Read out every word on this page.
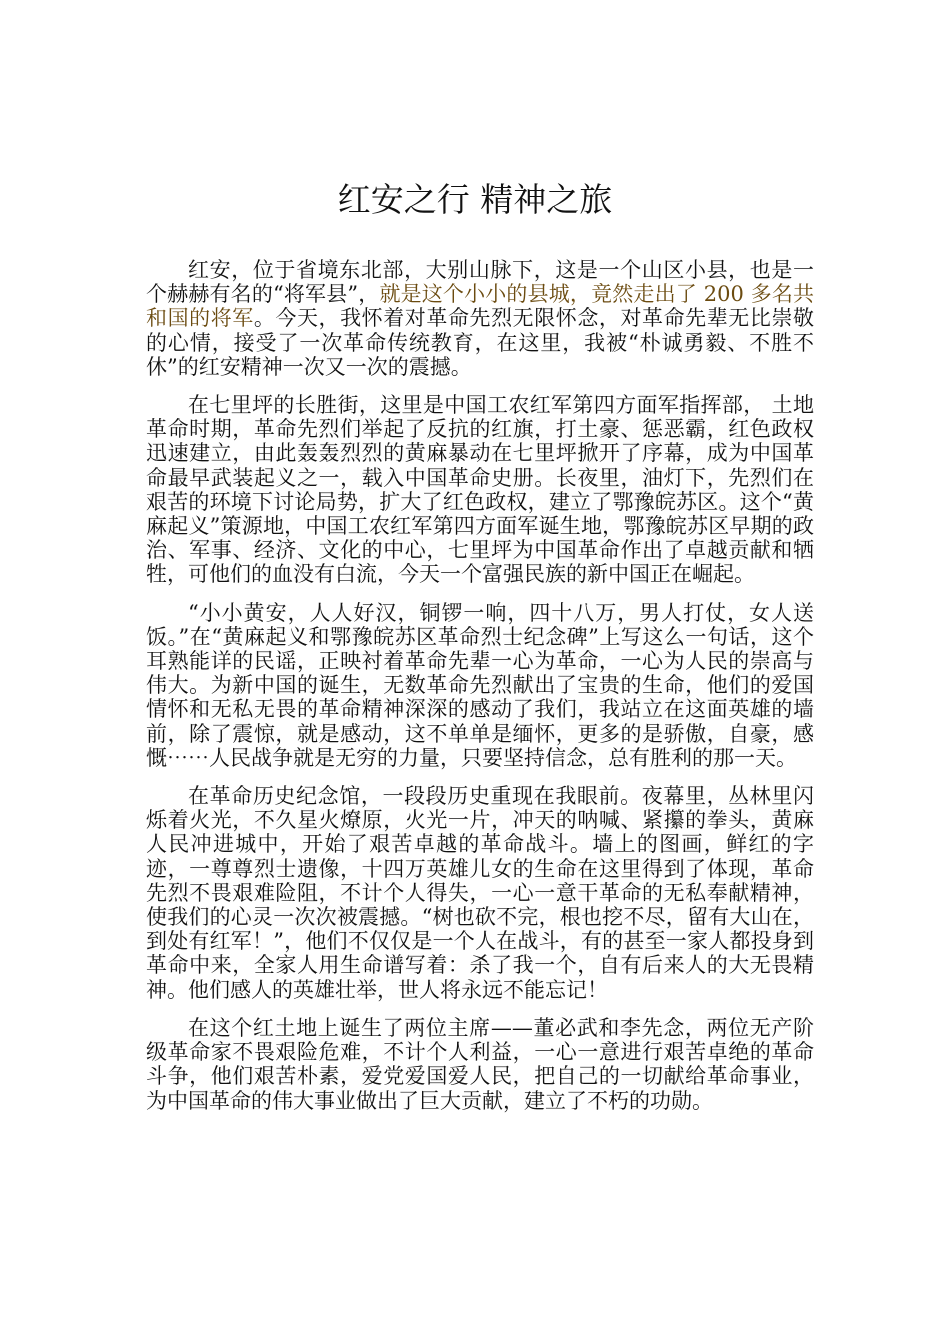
红安之行 精神之旅

红安，位于省境东北部，大别山脉下，这是一个山区小县，也是一个赫赫有名的“将军县”，就是这个小小的县城，竟然走出了 200 多名共和国的将军。今天，我怀着对革命先烈无限怀念，对革命先辈无比崇敬的心情，接受了一次革命传统教育，在这里，我被“朴诚勇毅、不胜不休”的红安精神一次又一次的震撼。

在七里坪的长胜街，这里是中国工农红军第四方面军指挥部， 土地革命时期，革命先烈们举起了反抗的红旗，打土豪、惩恶霸，红色政权迅速建立，由此轰轰烈烈的黄麻暴动在七里坪掀开了序幕，成为中国革命最早武装起义之一，载入中国革命史册。长夜里，油灯下，先烈们在艰苦的环境下讨论局势，扩大了红色政权，建立了鄂豫皖苏区。这个“黄麻起义”策源地，中国工农红军第四方面军诞生地，鄂豫皖苏区早期的政治、军事、经济、文化的中心，七里坪为中国革命作出了卓越贡献和牺牲，可他们的血没有白流，今天一个富强民族的新中国正在崛起。

“小小黄安，人人好汉，铜锣一响，四十八万，男人打仗，女人送饭。”在“黄麻起义和鄂豫皖苏区革命烈士纪念碑”上写这么一句话，这个耳熟能详的民谣，正映衬着革命先辈一心为革命，一心为人民的崇高与伟大。为新中国的诞生，无数革命先烈献出了宝贵的生命，他们的爱国情怀和无私无畏的革命精神深深的感动了我们，我站立在这面英雄的墙前，除了震惊，就是感动，这不单单是缅怀，更多的是骄傲，自豪，感慨⋯⋯人民战争就是无穷的力量，只要坚持信念，总有胜利的那一天。

在革命历史纪念馆，一段段历史重现在我眼前。夜幕里，丛林里闪烁着火光，不久星火燎原，火光一片，冲天的呐喊、紧攥的拳头，黄麻人民冲进城中，开始了艰苦卓越的革命战斗。墙上的图画，鲜红的字迹，一尊尊烈士遗像，十四万英雄儿女的生命在这里得到了体现，革命先烈不畏艰难险阻，不计个人得失，一心一意干革命的无私奉献精神，使我们的心灵一次次被震撼。“树也砍不完，根也挖不尽，留有大山在，到处有红军！”，他们不仅仅是一个人在战斗，有的甚至一家人都投身到革命中来，全家人用生命谱写着：杀了我一个，自有后来人的大无畏精神。他们感人的英雄壮举，世人将永远不能忘记！

在这个红土地上诞生了两位主席——董必武和李先念，两位无产阶级革命家不畏艰险危难，不计个人利益，一心一意进行艰苦卓绝的革命斗争，他们艰苦朴素，爱党爱国爱人民，把自己的一切献给革命事业，为中国革命的伟大事业做出了巨大贡献，建立了不朽的功勋。
